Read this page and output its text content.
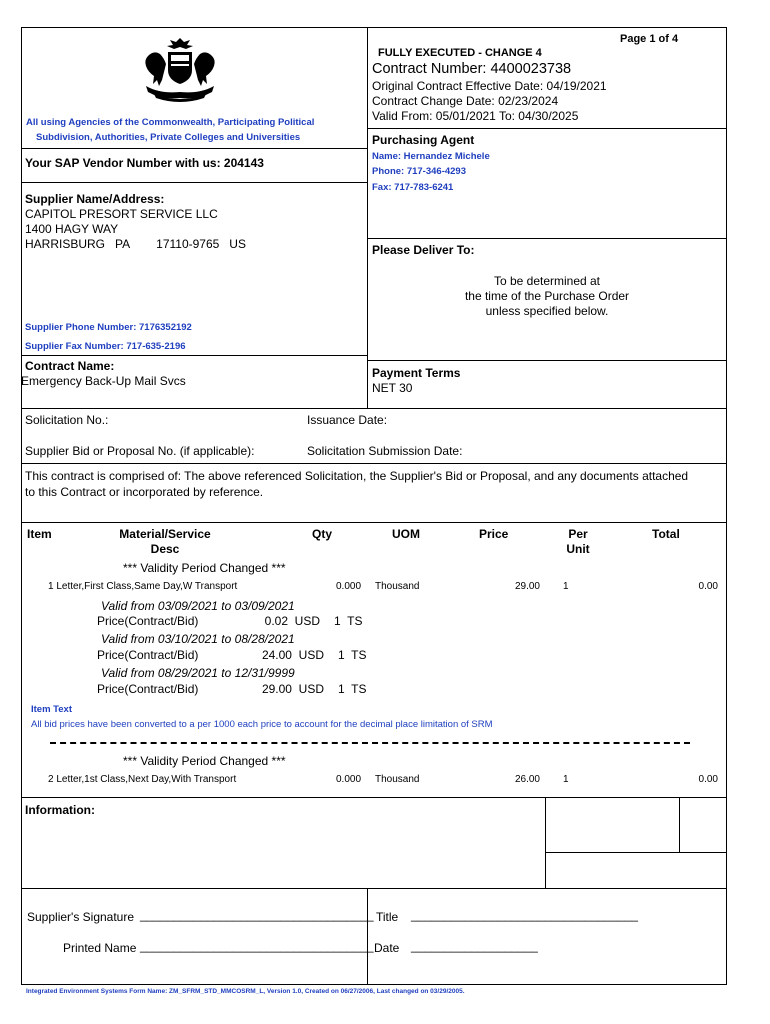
Page 1 of 4
FULLY EXECUTED - CHANGE 4
Contract Number: 4400023738
Original Contract Effective Date: 04/19/2021
Contract Change Date: 02/23/2024
Valid From: 05/01/2021 To: 04/30/2025
All using Agencies of the Commonwealth, Participating Political
Subdivision, Authorities, Private Colleges and Universities
Your SAP Vendor Number with us: 204143
Purchasing Agent
Name: Hernandez Michele
Phone: 717-346-4293
Fax: 717-783-6241
Supplier Name/Address:
CAPITOL PRESORT SERVICE LLC
1400 HAGY WAY
HARRISBURG   PA        17110-9765   US
Supplier Phone Number: 7176352192
Supplier Fax Number: 717-635-2196
Please Deliver To:
To be determined at
the time of the Purchase Order
unless specified below.
Contract Name:
Emergency Back-Up Mail Svcs
Payment Terms
NET 30
Solicitation No.:	Issuance Date:
Supplier Bid or Proposal No. (if applicable):	Solicitation Submission Date:
This contract is comprised of: The above referenced Solicitation, the Supplier's Bid or Proposal, and any documents attached
to this Contract or incorporated by reference.
Item	Material/Service
Desc
Qty	UOM	Price	Per
Unit
Total
*** Validity Period Changed ***
1 Letter,First Class,Same Day,W Transport	0.000 Thousand	29.00 1	0.00
Valid from 03/09/2021 to 03/09/2021
Price(Contract/Bid)	0.02  USD 1  TS
Valid from 03/10/2021 to 08/28/2021
Price(Contract/Bid)	24.00  USD 1  TS
Valid from 08/29/2021 to 12/31/9999
Price(Contract/Bid)	29.00  USD 1  TS
Item Text
All bid prices have been converted to a per 1000 each price to account for the decimal place limitation of SRM
*** Validity Period Changed ***
2 Letter,1st Class,Next Day,With Transport	0.000 Thousand	26.00 1	0.00
Information:
Supplier's Signature ___________________________________
Printed Name ___________________________________
Title __________________________________
Date ___________________
Integrated Environment Systems Form Name: ZM_SFRM_STD_MMCOSRM_L, Version 1.0, Created on 06/27/2006, Last changed on 03/29/2005.
